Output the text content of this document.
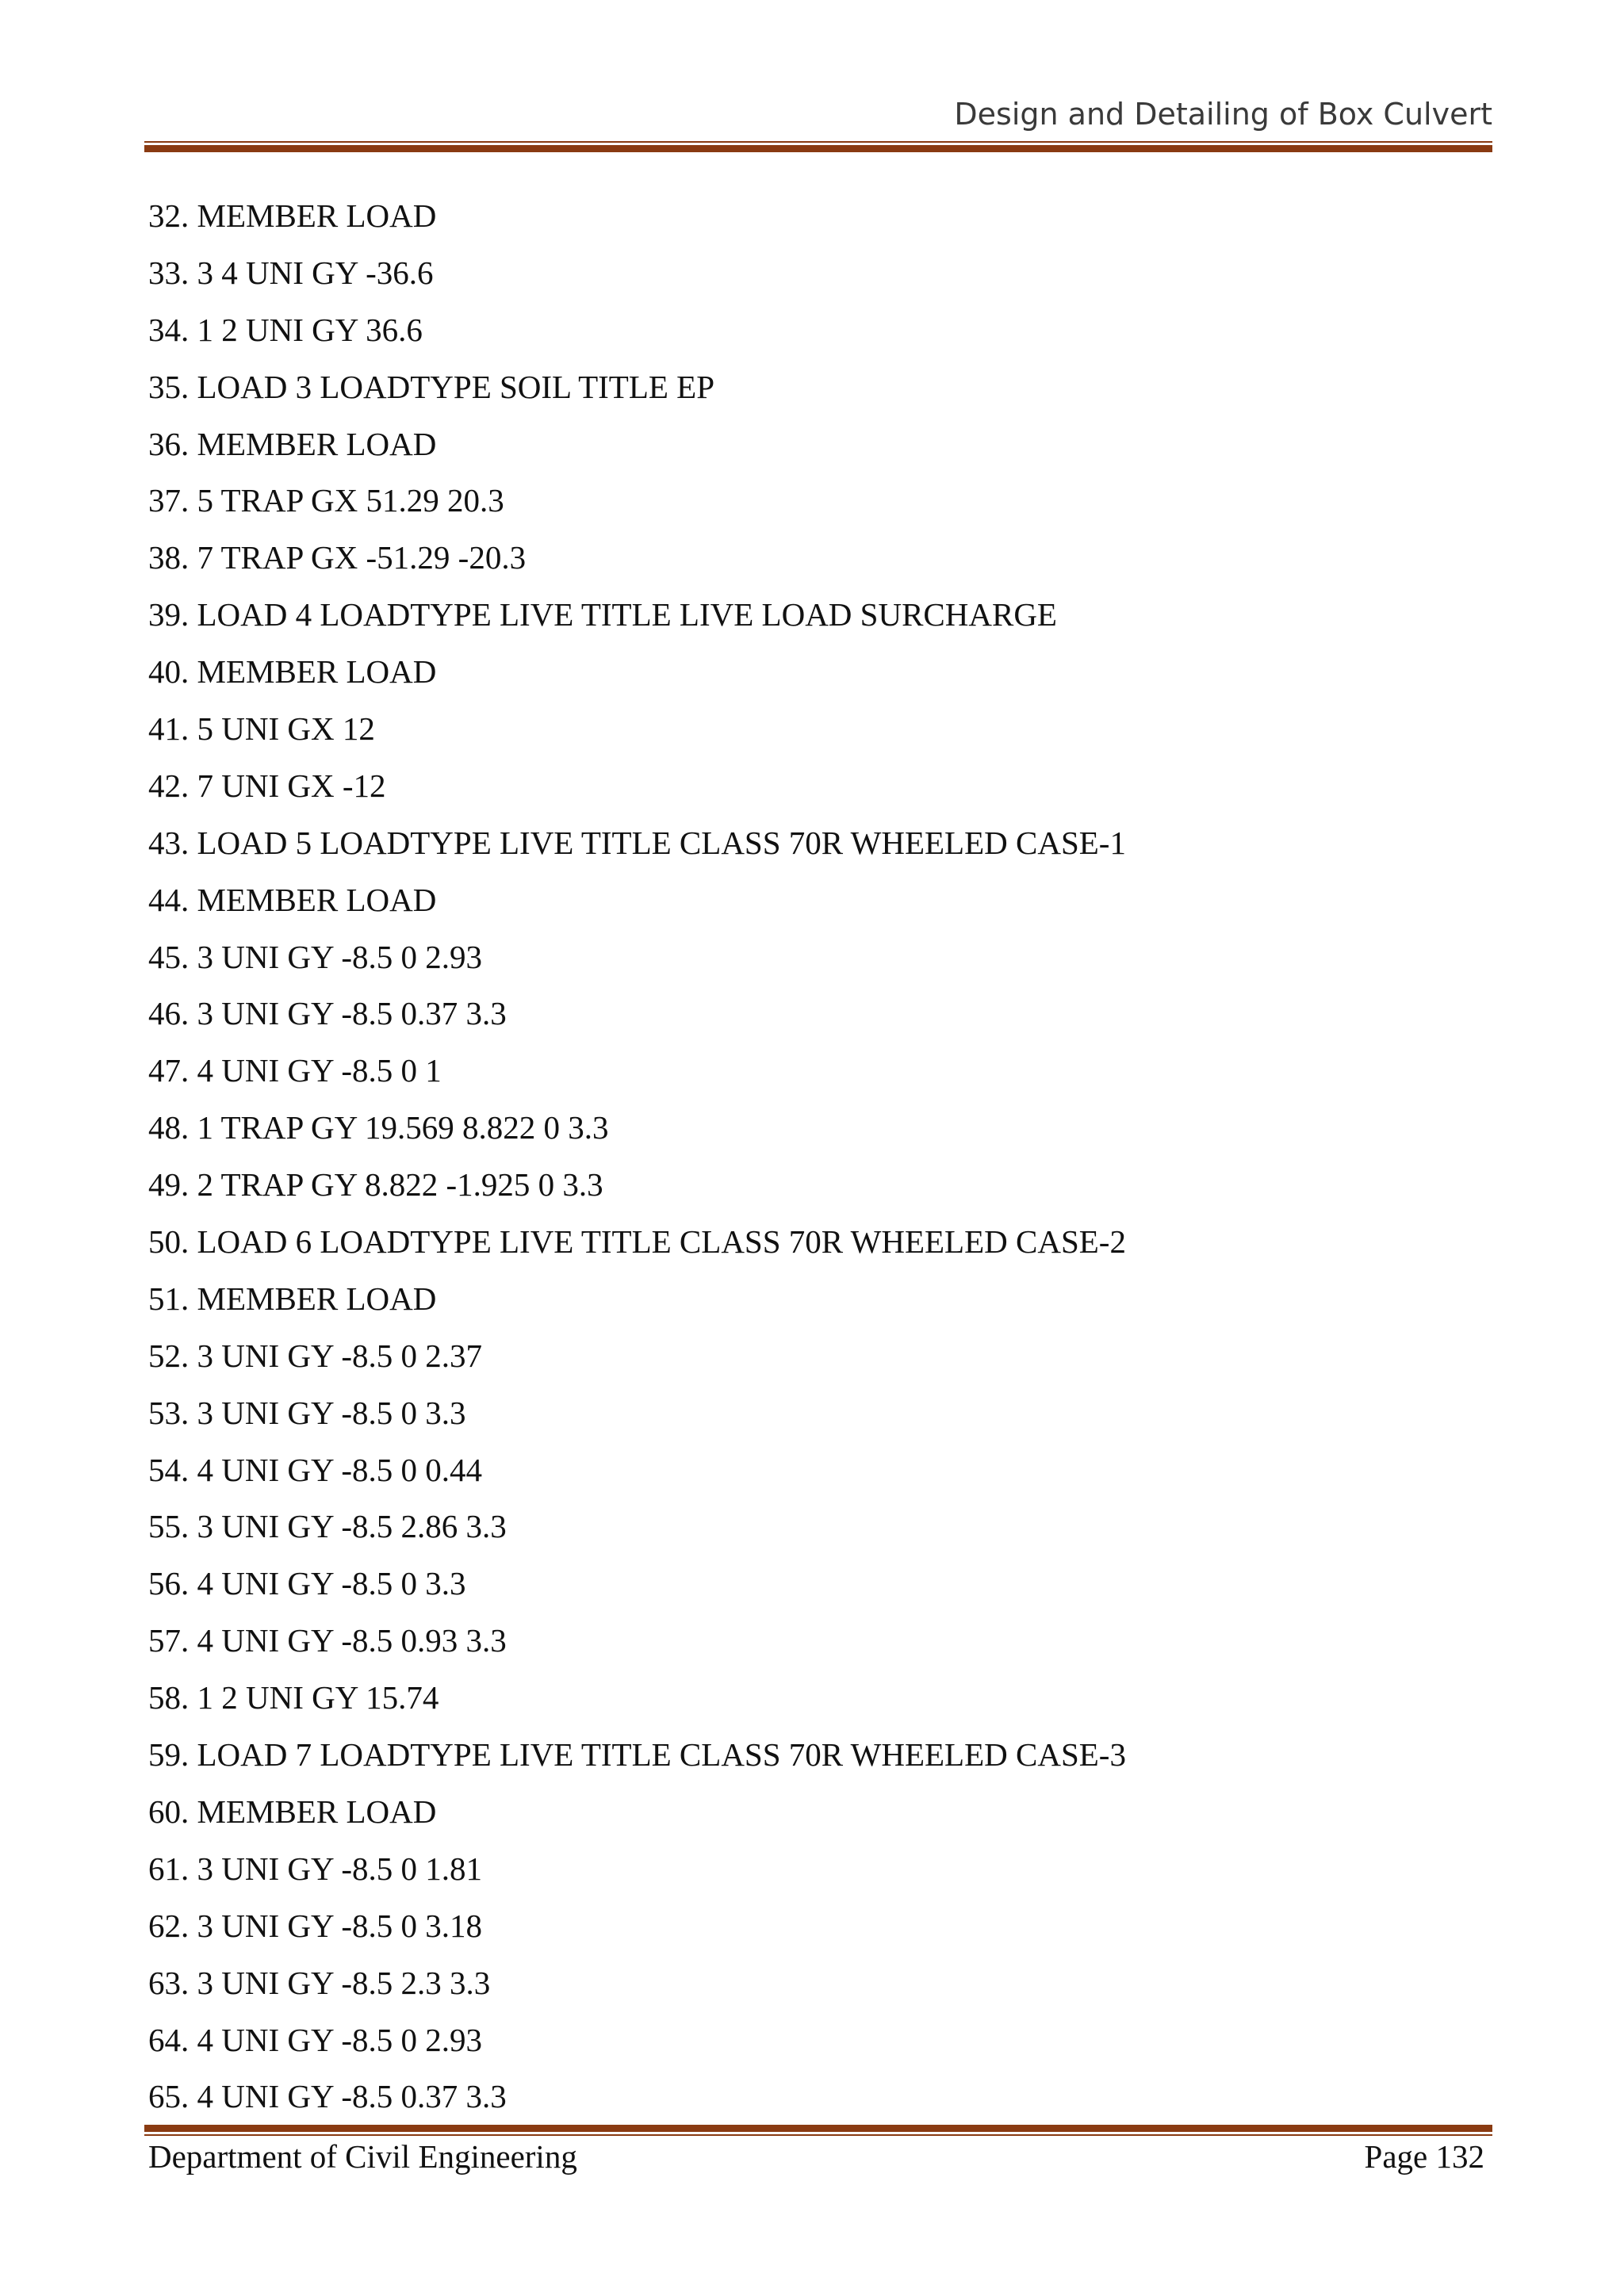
Design and Detailing of Box Culvert
32. MEMBER LOAD
33. 3 4 UNI GY -36.6
34. 1 2 UNI GY 36.6
35. LOAD 3 LOADTYPE SOIL TITLE EP
36. MEMBER LOAD
37. 5 TRAP GX 51.29 20.3
38. 7 TRAP GX -51.29 -20.3
39. LOAD 4 LOADTYPE LIVE TITLE LIVE LOAD SURCHARGE
40. MEMBER LOAD
41. 5 UNI GX 12
42. 7 UNI GX -12
43. LOAD 5 LOADTYPE LIVE TITLE CLASS 70R WHEELED CASE-1
44. MEMBER LOAD
45. 3 UNI GY -8.5 0 2.93
46. 3 UNI GY -8.5 0.37 3.3
47. 4 UNI GY -8.5 0 1
48. 1 TRAP GY 19.569 8.822 0 3.3
49. 2 TRAP GY 8.822 -1.925 0 3.3
50. LOAD 6 LOADTYPE LIVE TITLE CLASS 70R WHEELED CASE-2
51. MEMBER LOAD
52. 3 UNI GY -8.5 0 2.37
53. 3 UNI GY -8.5 0 3.3
54. 4 UNI GY -8.5 0 0.44
55. 3 UNI GY -8.5 2.86 3.3
56. 4 UNI GY -8.5 0 3.3
57. 4 UNI GY -8.5 0.93 3.3
58. 1 2 UNI GY 15.74
59. LOAD 7 LOADTYPE LIVE TITLE CLASS 70R WHEELED CASE-3
60. MEMBER LOAD
61. 3 UNI GY -8.5 0 1.81
62. 3 UNI GY -8.5 0 3.18
63. 3 UNI GY -8.5 2.3 3.3
64. 4 UNI GY -8.5 0 2.93
65. 4 UNI GY -8.5 0.37 3.3
Department of Civil Engineering	Page 132
